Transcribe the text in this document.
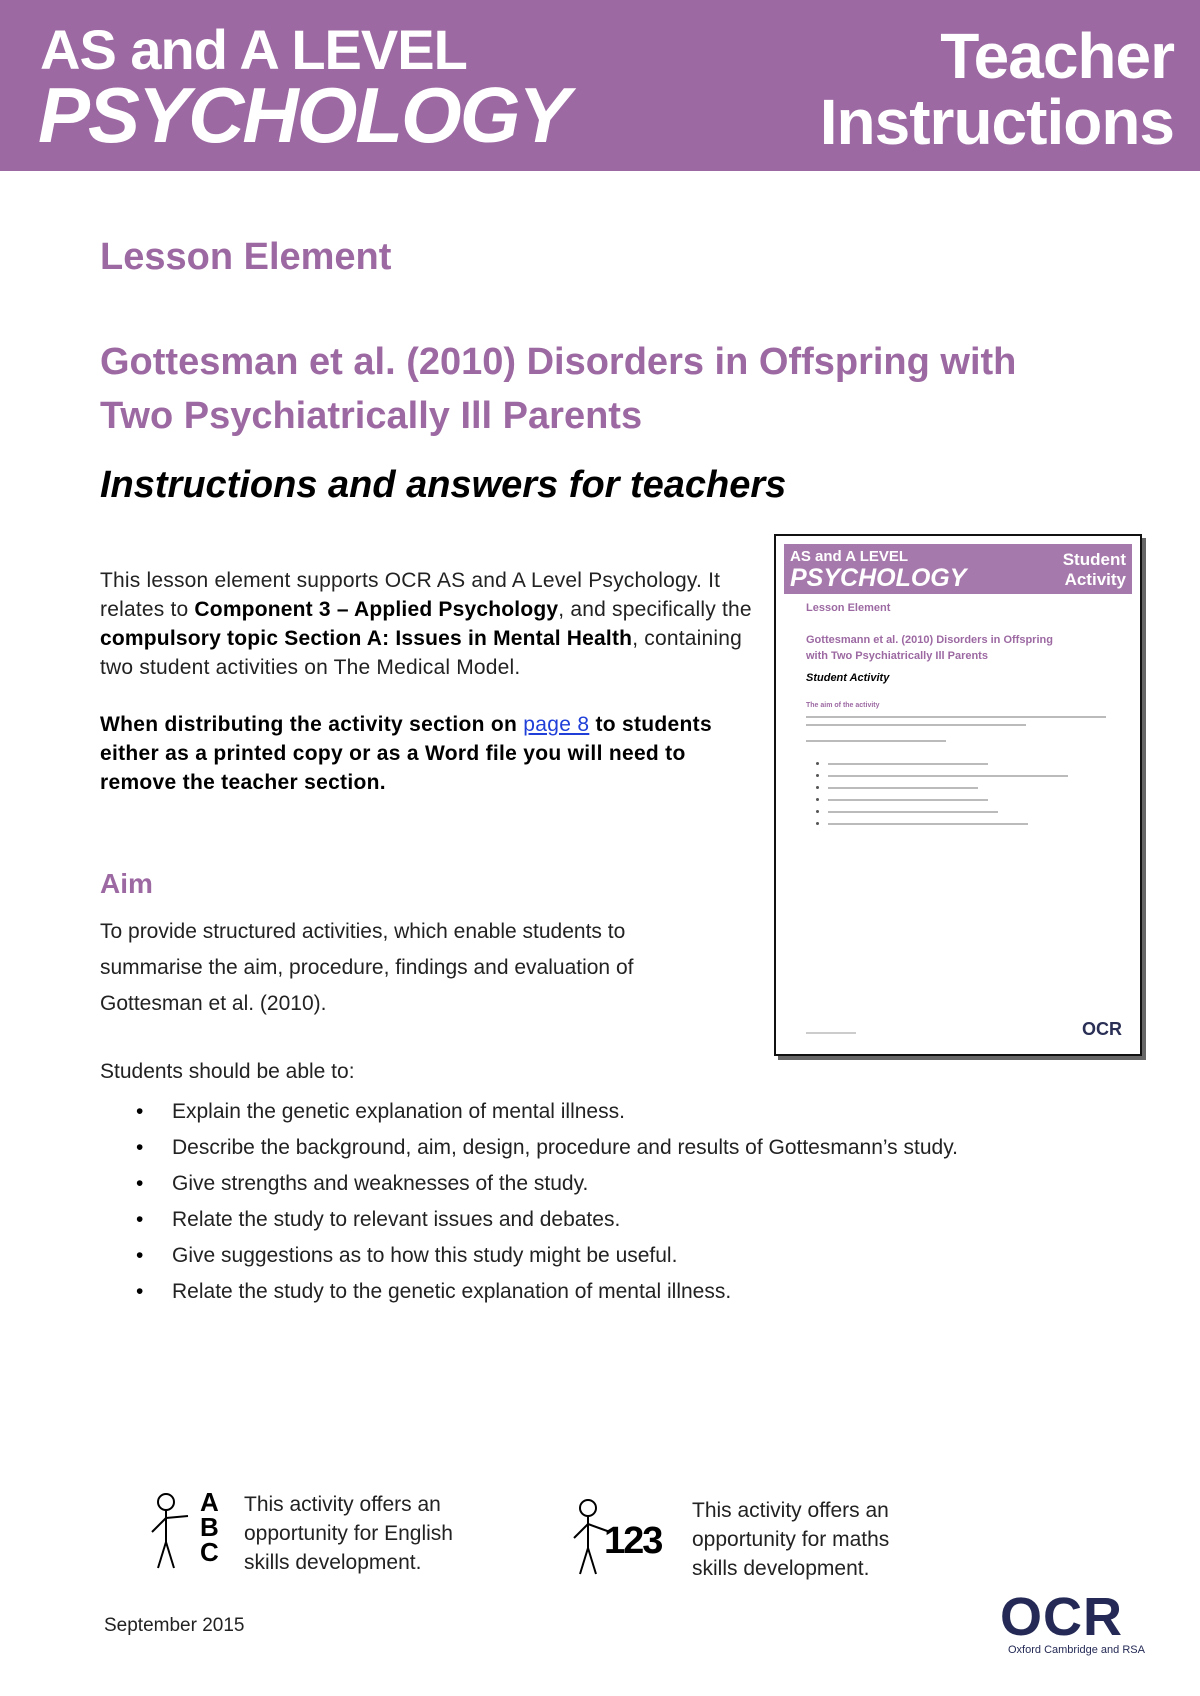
AS and A LEVEL
PSYCHOLOGY
Teacher
Instructions
Lesson Element
Gottesman et al. (2010) Disorders in Offspring with
Two Psychiatrically Ill Parents
Instructions and answers for teachers
This lesson element supports OCR AS and A Level Psychology. It relates to Component 3 – Applied Psychology, and specifically the compulsory topic Section A: Issues in Mental Health, containing two student activities on The Medical Model.
When distributing the activity section on page 8 to students either as a printed copy or as a Word file you will need to remove the teacher section.
Aim
To provide structured activities, which enable students to summarise the aim, procedure, findings and evaluation of Gottesman et al. (2010).
Students should be able to:
• Explain the genetic explanation of mental illness.
• Describe the background, aim, design, procedure and results of Gottesmann’s study.
• Give strengths and weaknesses of the study.
• Relate the study to relevant issues and debates.
• Give suggestions as to how this study might be useful.
• Relate the study to the genetic explanation of mental illness.
AS and A LEVEL
PSYCHOLOGY
Student
Activity
Lesson Element
Gottesmann et al. (2010) Disorders in Offspring
with Two Psychiatrically Ill Parents
Student Activity
The aim of the activity
OCR
A
B
C
This activity offers an opportunity for English skills development.
123
This activity offers an opportunity for maths skills development.
September 2015	OCR
Oxford Cambridge and RSA
